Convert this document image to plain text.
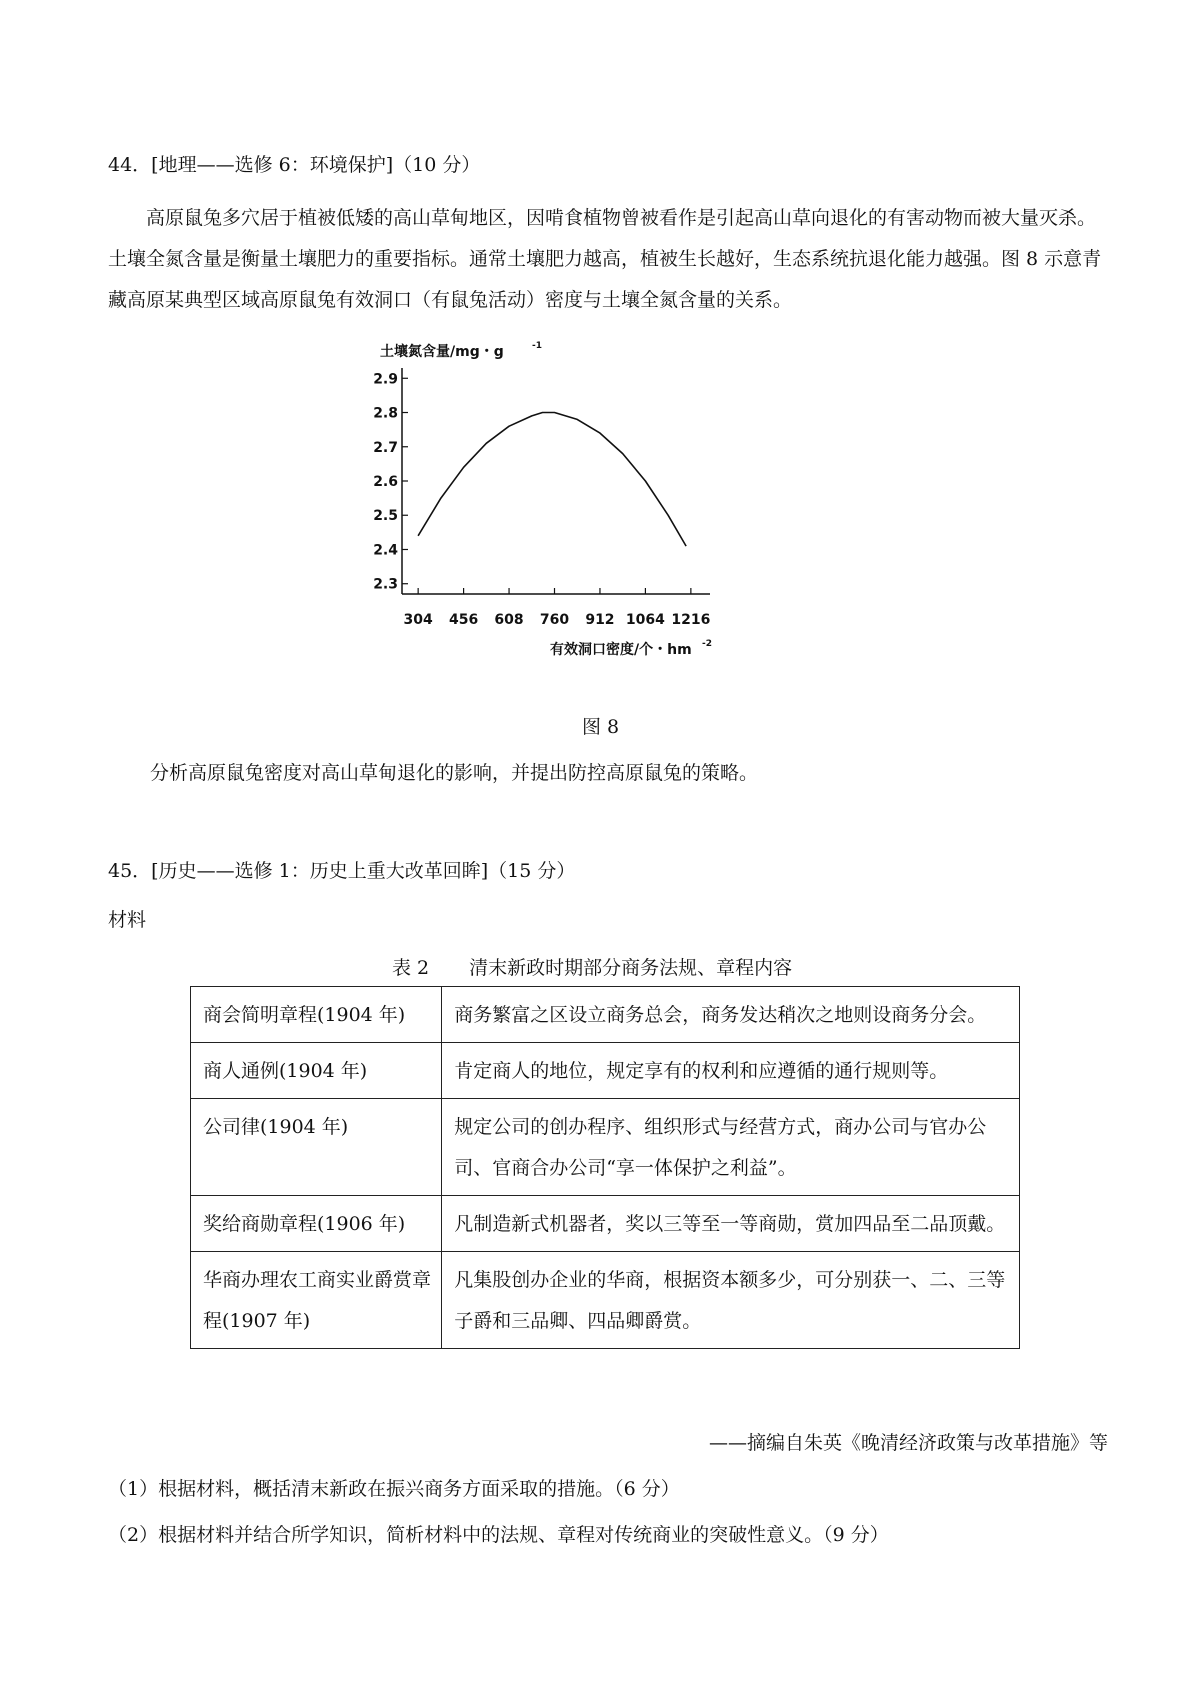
44．[地理——选修 6：环境保护]（10 分）
高原鼠兔多穴居于植被低矮的高山草甸地区，因啃食植物曾被看作是引起高山草向退化的有害动物而被大量灭杀。土壤全氮含量是衡量土壤肥力的重要指标。通常土壤肥力越高，植被生长越好，生态系统抗退化能力越强。图 8 示意青藏高原某典型区域高原鼠兔有效洞口（有鼠兔活动）密度与土壤全氮含量的关系。
2.3
2.4
2.5
2.6
2.7
2.8
2.9
304 456 608 760 912 1064 1216
土壤氮含量/mg・g	-1
有效洞口密度/个・hm -2
图 8
分析高原鼠兔密度对高山草甸退化的影响，并提出防控高原鼠兔的策略。
45．[历史——选修 1：历史上重大改革回眸]（15 分）
材料
表 2 清末新政时期部分商务法规、章程内容
商会简明章程(1904 年)	商务繁富之区设立商务总会，商务发达稍次之地则设商务分会。
商人通例(1904 年)	肯定商人的地位，规定享有的权利和应遵循的通行规则等。
公司律(1904 年)	规定公司的创办程序、组织形式与经营方式，商办公司与官办公司、官商合办公司“享一体保护之利益”。
奖给商勋章程(1906 年)	凡制造新式机器者，奖以三等至一等商勋，赏加四品至二品顶戴。
华商办理农工商实业爵赏章程(1907 年)	凡集股创办企业的华商，根据资本额多少，可分别获一、二、三等子爵和三品卿、四品卿爵赏。
——摘编自朱英《晚清经济政策与改革措施》等
（1）根据材料，概括清末新政在振兴商务方面采取的措施。（6 分）
（2）根据材料并结合所学知识，简析材料中的法规、章程对传统商业的突破性意义。（9 分）
